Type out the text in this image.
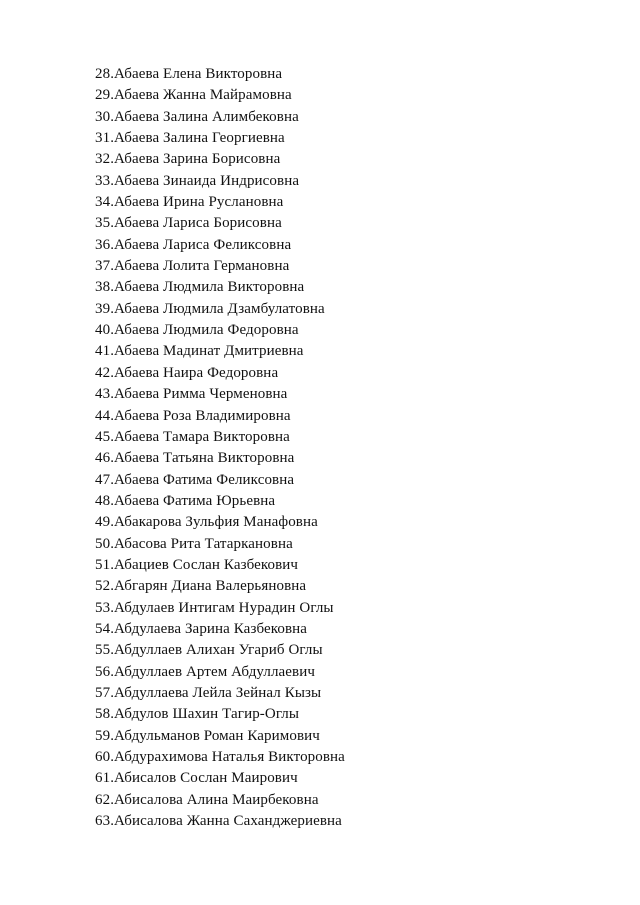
28.Абаева Елена Викторовна
29.Абаева Жанна Майрамовна
30.Абаева Залина Алимбековна
31.Абаева Залина Георгиевна
32.Абаева Зарина Борисовна
33.Абаева Зинаида Индрисовна
34.Абаева Ирина Руслановна
35.Абаева Лариса Борисовна
36.Абаева Лариса Феликсовна
37.Абаева Лолита Германовна
38.Абаева Людмила Викторовна
39.Абаева Людмила Дзамбулатовна
40.Абаева Людмила Федоровна
41.Абаева Мадинат Дмитриевна
42.Абаева Наира Федоровна
43.Абаева Римма Черменовна
44.Абаева Роза Владимировна
45.Абаева Тамара Викторовна
46.Абаева Татьяна Викторовна
47.Абаева Фатима Феликсовна
48.Абаева Фатима Юрьевна
49.Абакарова Зульфия Манафовна
50.Абасова Рита Татаркановна
51.Абациев Сослан Казбекович
52.Абгарян Диана Валерьяновна
53.Абдулаев Интигам Нурадин Оглы
54.Абдулаева Зарина Казбековна
55.Абдуллаев Алихан Угариб Оглы
56.Абдуллаев Артем Абдуллаевич
57.Абдуллаева Лейла Зейнал Кызы
58.Абдулов Шахин Тагир-Оглы
59.Абдульманов Роман Каримович
60.Абдурахимова Наталья Викторовна
61.Абисалов Сослан Маирович
62.Абисалова Алина Маирбековна
63.Абисалова Жанна Саханджериевна
